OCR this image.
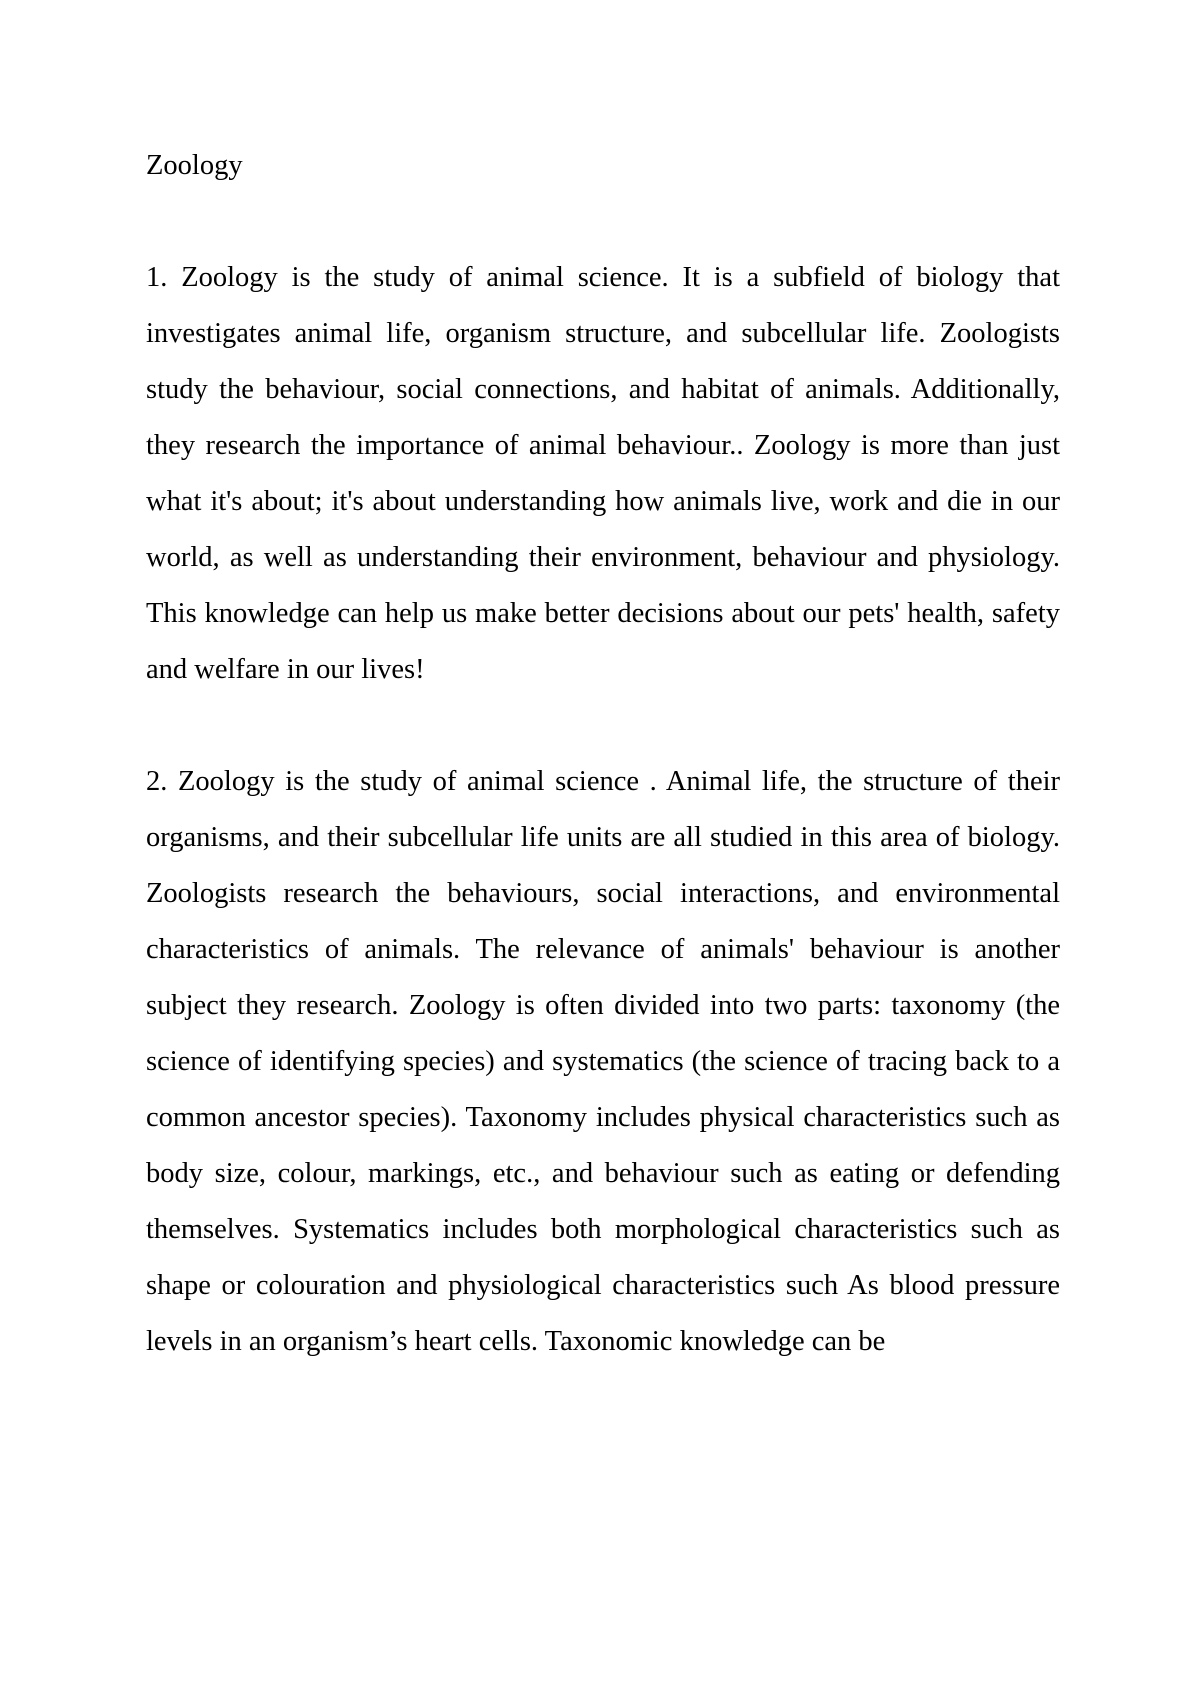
Zoology

1. Zoology is the study of animal science. It is a subfield of biology that investigates animal life, organism structure, and subcellular life. Zoologists study the behaviour, social connections, and habitat of animals. Additionally, they research the importance of animal behaviour.. Zoology is more than just what it's about; it's about understanding how animals live, work and die in our world, as well as understanding their environment, behaviour and physiology. This knowledge can help us make better decisions about our pets' health, safety and welfare in our lives!

2. Zoology is the study of animal science . Animal life, the structure of their organisms, and their subcellular life units are all studied in this area of biology. Zoologists research the behaviours, social interactions, and environmental characteristics of animals. The relevance of animals' behaviour is another subject they research. Zoology is often divided into two parts: taxonomy (the science of identifying species) and systematics (the science of tracing back to a common ancestor species). Taxonomy includes physical characteristics such as body size, colour, markings, etc., and behaviour such as eating or defending themselves. Systematics includes both morphological characteristics such as shape or colouration and physiological characteristics such As blood pressure levels in an organism’s heart cells. Taxonomic knowledge can be
